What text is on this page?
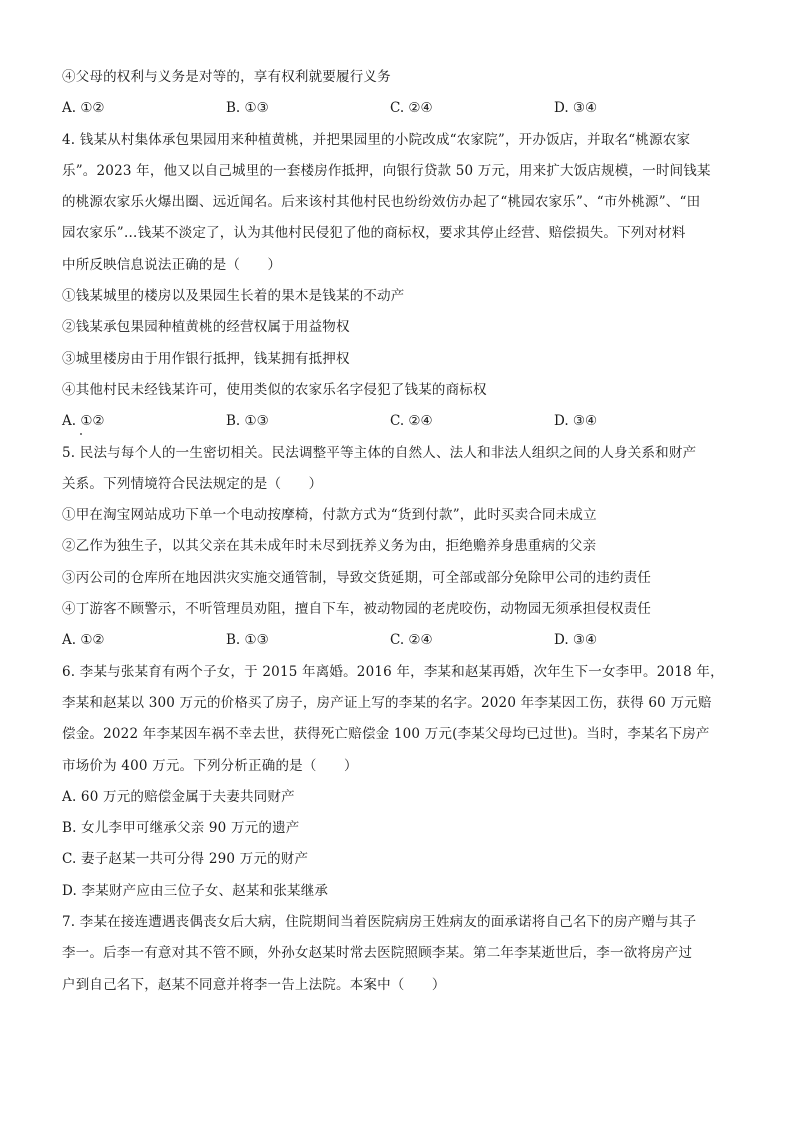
④父母的权利与义务是对等的，享有权利就要履行义务
A. ①②	B. ①③	C. ②④	D. ③④
4. 钱某从村集体承包果园用来种植黄桃，并把果园里的小院改成“农家院”，开办饭店，并取名“桃源农家
乐”。2023 年，他又以自己城里的一套楼房作抵押，向银行贷款 50 万元，用来扩大饭店规模，一时间钱某
的桃源农家乐火爆出圈、远近闻名。后来该村其他村民也纷纷效仿办起了“桃园农家乐”、“市外桃源”、“田
园农家乐”…钱某不淡定了，认为其他村民侵犯了他的商标权，要求其停止经营、赔偿损失。下列对材料
中所反映信息说法正确的是（　　）
①钱某城里的楼房以及果园生长着的果木是钱某的不动产
②钱某承包果园种植黄桃的经营权属于用益物权
③城里楼房由于用作银行抵押，钱某拥有抵押权
④其他村民未经钱某许可，使用类似的农家乐名字侵犯了钱某的商标权
A. ①②	B. ①③	C. ②④	D. ③④
5. 民法与每个人的一生密切相关。民法调整平等主体的自然人、法人和非法人组织之间的人身关系和财产
关系。下列情境符合民法规定的是（　　）
①甲在淘宝网站成功下单一个电动按摩椅，付款方式为“货到付款”，此时买卖合同未成立
②乙作为独生子，以其父亲在其未成年时未尽到抚养义务为由，拒绝赡养身患重病的父亲
③丙公司的仓库所在地因洪灾实施交通管制，导致交货延期，可全部或部分免除甲公司的违约责任
④丁游客不顾警示，不听管理员劝阻，擅自下车，被动物园的老虎咬伤，动物园无须承担侵权责任
A. ①②	B. ①③	C. ②④	D. ③④
6. 李某与张某育有两个子女，于 2015 年离婚。2016 年，李某和赵某再婚，次年生下一女李甲。2018 年，
李某和赵某以 300 万元的价格买了房子，房产证上写的李某的名字。2020 年李某因工伤，获得 60 万元赔
偿金。2022 年李某因车祸不幸去世，获得死亡赔偿金 100 万元(李某父母均已过世)。当时，李某名下房产
市场价为 400 万元。下列分析正确的是（　　）
A. 60 万元的赔偿金属于夫妻共同财产
B. 女儿李甲可继承父亲 90 万元的遗产
C. 妻子赵某一共可分得 290 万元的财产
D. 李某财产应由三位子女、赵某和张某继承
7. 李某在接连遭遇丧偶丧女后大病，住院期间当着医院病房王姓病友的面承诺将自己名下的房产赠与其子
李一。后李一有意对其不管不顾，外孙女赵某时常去医院照顾李某。第二年李某逝世后，李一欲将房产过
户到自己名下，赵某不同意并将李一告上法院。本案中（　　）
